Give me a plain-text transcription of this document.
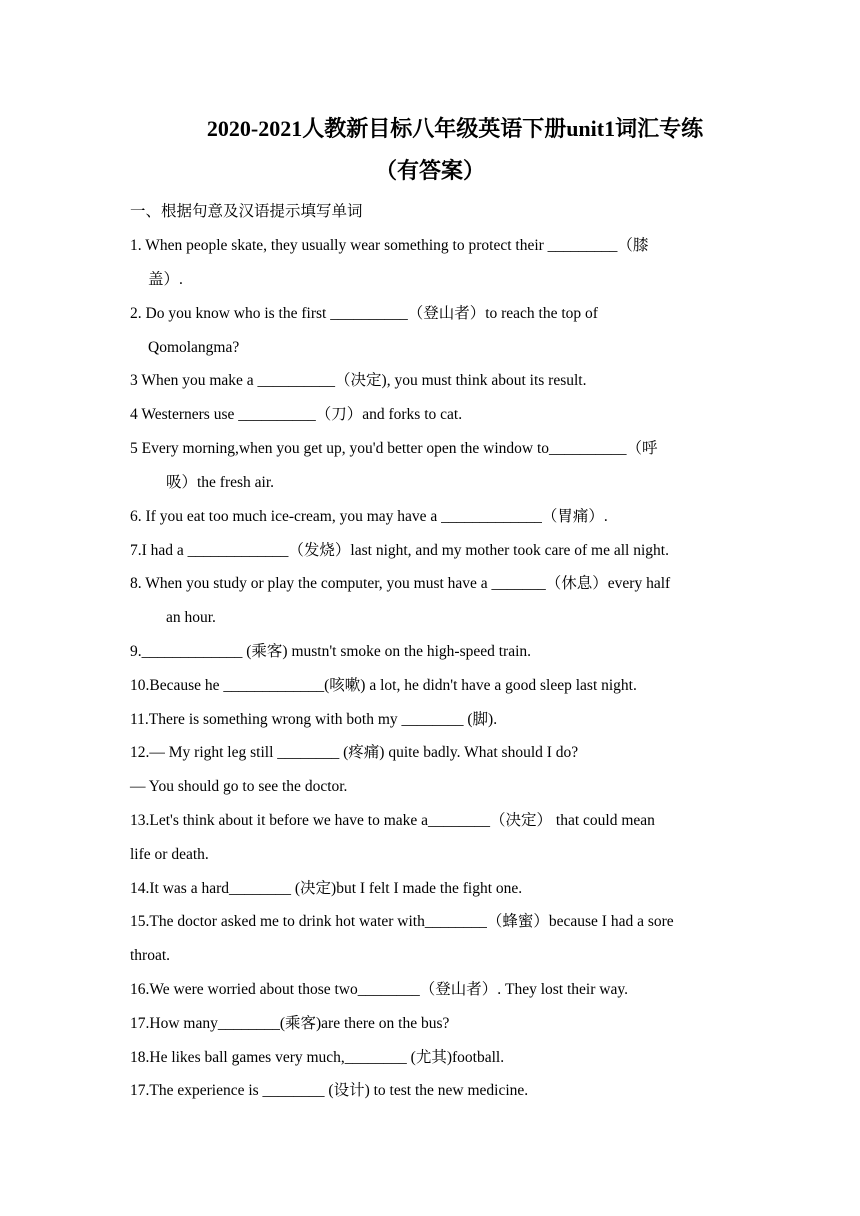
2020-2021人教新目标八年级英语下册unit1词汇专练
（有答案）
一、根据句意及汉语提示填写单词
1. When people skate, they usually wear something to protect their _________（膝
盖）.
2. Do you know who is the first __________（登山者）to reach the top of
Qomolangma?
3 When you make a __________（决定), you must think about its result.
4 Westerners use __________（刀）and forks to cat.
5 Every morning,when you get up, you'd better open the window to__________（呼
吸）the fresh air.
6. If you eat too much ice-cream, you may have a _____________（胃痛）.
7.I had a _____________（发烧）last night, and my mother took care of me all night.
8. When you study or play the computer, you must have a _______（休息）every half
an hour.
9._____________ (乘客) mustn't smoke on the high-speed train.
10.Because he _____________(咳嗽) a lot, he didn't have a good sleep last night.
11.There is something wrong with both my ________ (脚).
12.— My right leg still ________ (疼痛) quite badly. What should I do?
— You should go to see the doctor.
13.Let's think about it before we have to make a________（决定） that could mean
life or death.
14.It was a hard________ (决定)but I felt I made the fight one.
15.The doctor asked me to drink hot water with________（蜂蜜）because I had a sore
throat.
16.We were worried about those two________（登山者）. They lost their way.
17.How many________(乘客)are there on the bus?
18.He likes ball games very much,________ (尤其)football.
17.The experience is ________ (设计) to test the new medicine.
